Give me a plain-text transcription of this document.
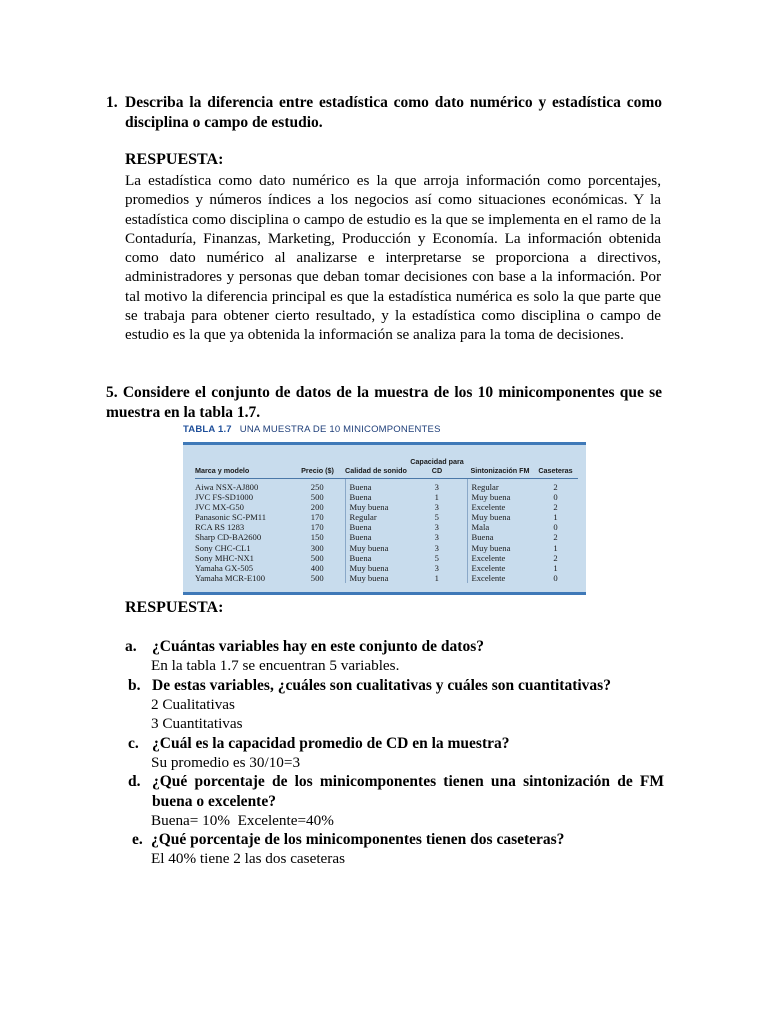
1. Describa la diferencia entre estadística como dato numérico y estadística como disciplina o campo de estudio.
RESPUESTA:
La estadística como dato numérico es la que arroja información como porcentajes, promedios y números índices a los negocios así como situaciones económicas. Y la estadística como disciplina o campo de estudio es la que se implementa en el ramo de la Contaduría, Finanzas, Marketing, Producción y Economía. La información obtenida como dato numérico al analizarse e interpretarse se proporciona a directivos, administradores y personas que deban tomar decisiones con base a la información. Por tal motivo la diferencia principal es que la estadística numérica es solo la que parte que se trabaja para obtener cierto resultado, y la estadística como disciplina o campo de estudio es la que ya obtenida la información se analiza para la toma de decisiones.
5. Considere el conjunto de datos de la muestra de los 10 minicomponentes que se muestra en la tabla 1.7.
TABLA 1.7 UNA MUESTRA DE 10 MINICOMPONENTES
Marca y modelo	Precio ($)	Calidad de sonido	Capacidad para CD	Sintonización FM	Caseteras
Aiwa NSX-AJ800	250	Buena	3	Regular	2
JVC FS-SD1000	500	Buena	1	Muy buena	0
JVC MX-G50	200	Muy buena	3	Excelente	2
Panasonic SC-PM11	170	Regular	5	Muy buena	1
RCA RS 1283	170	Buena	3	Mala	0
Sharp CD-BA2600	150	Buena	3	Buena	2
Sony CHC-CL1	300	Muy buena	3	Muy buena	1
Sony MHC-NX1	500	Buena	5	Excelente	2
Yamaha GX-505	400	Muy buena	3	Excelente	1
Yamaha MCR-E100	500	Muy buena	1	Excelente	0
RESPUESTA:
a. ¿Cuántas variables hay en este conjunto de datos?
En la tabla 1.7 se encuentran 5 variables.
b. De estas variables, ¿cuáles son cualitativas y cuáles son cuantitativas?
2 Cualitativas
3 Cuantitativas
c. ¿Cuál es la capacidad promedio de CD en la muestra?
Su promedio es 30/10=3
d. ¿Qué porcentaje de los minicomponentes tienen una sintonización de FM buena o excelente?
Buena= 10%  Excelente=40%
e. ¿Qué porcentaje de los minicomponentes tienen dos caseteras?
El 40% tiene 2 las dos caseteras
